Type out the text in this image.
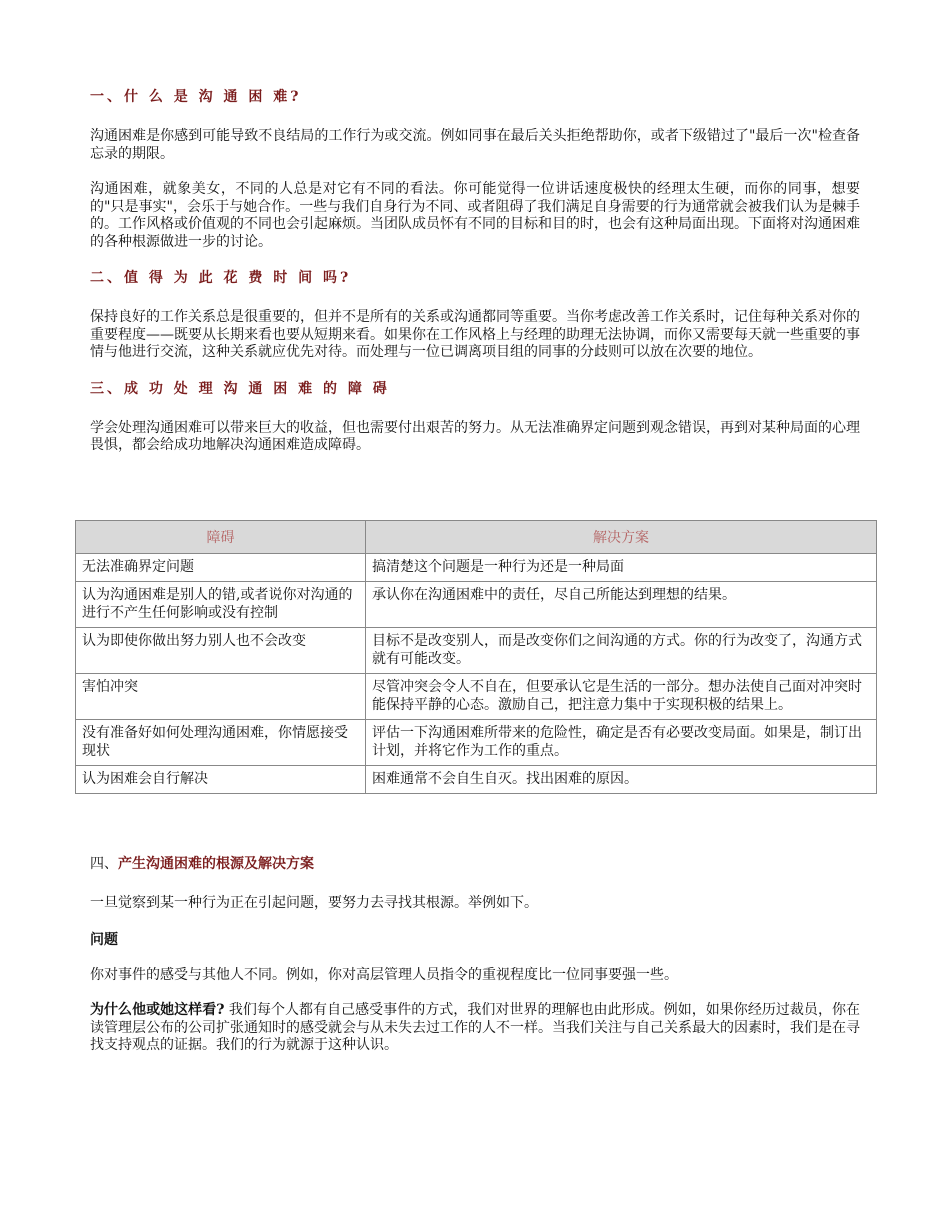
一、什 么 是 沟 通 困 难?

沟通困难是你感到可能导致不良结局的工作行为或交流。例如同事在最后关头拒绝帮助你，或者下级错过了"最后一次"检查备忘录的期限。

沟通困难，就象美女，不同的人总是对它有不同的看法。你可能觉得一位讲话速度极快的经理太生硬，而你的同事，想要的"只是事实"，会乐于与她合作。一些与我们自身行为不同、或者阻碍了我们满足自身需要的行为通常就会被我们认为是棘手的。工作风格或价值观的不同也会引起麻烦。当团队成员怀有不同的目标和目的时，也会有这种局面出现。下面将对沟通困难的各种根源做进一步的讨论。

二、值 得 为 此 花 费 时 间 吗?

保持良好的工作关系总是很重要的，但并不是所有的关系或沟通都同等重要。当你考虑改善工作关系时，记住每种关系对你的重要程度——既要从长期来看也要从短期来看。如果你在工作风格上与经理的助理无法协调，而你又需要每天就一些重要的事情与他进行交流，这种关系就应优先对待。而处理与一位已调离项目组的同事的分歧则可以放在次要的地位。

三、成 功 处 理 沟 通 困 难 的 障 碍

学会处理沟通困难可以带来巨大的收益，但也需要付出艰苦的努力。从无法准确界定问题到观念错误，再到对某种局面的心理畏惧，都会给成功地解决沟通困难造成障碍。

障碍	解决方案
无法准确界定问题	搞清楚这个问题是一种行为还是一种局面
认为沟通困难是别人的错,或者说你对沟通的进行不产生任何影响或没有控制	承认你在沟通困难中的责任，尽自己所能达到理想的结果。
认为即使你做出努力别人也不会改变	目标不是改变别人，而是改变你们之间沟通的方式。你的行为改变了，沟通方式就有可能改变。
害怕冲突	尽管冲突会令人不自在，但要承认它是生活的一部分。想办法使自己面对冲突时能保持平静的心态。激励自己，把注意力集中于实现积极的结果上。
没有准备好如何处理沟通困难，你情愿接受现状	评估一下沟通困难所带来的危险性，确定是否有必要改变局面。如果是，制订出计划，并将它作为工作的重点。
认为困难会自行解决	困难通常不会自生自灭。找出困难的原因。
四、产生沟通困难的根源及解决方案

一旦觉察到某一种行为正在引起问题，要努力去寻找其根源。举例如下。

问题

你对事件的感受与其他人不同。例如，你对高层管理人员指令的重视程度比一位同事要强一些。

为什么他或她这样看? 我们每个人都有自己感受事件的方式，我们对世界的理解也由此形成。例如，如果你经历过裁员，你在读管理层公布的公司扩张通知时的感受就会与从未失去过工作的人不一样。当我们关注与自己关系最大的因素时，我们是在寻找支持观点的证据。我们的行为就源于这种认识。
